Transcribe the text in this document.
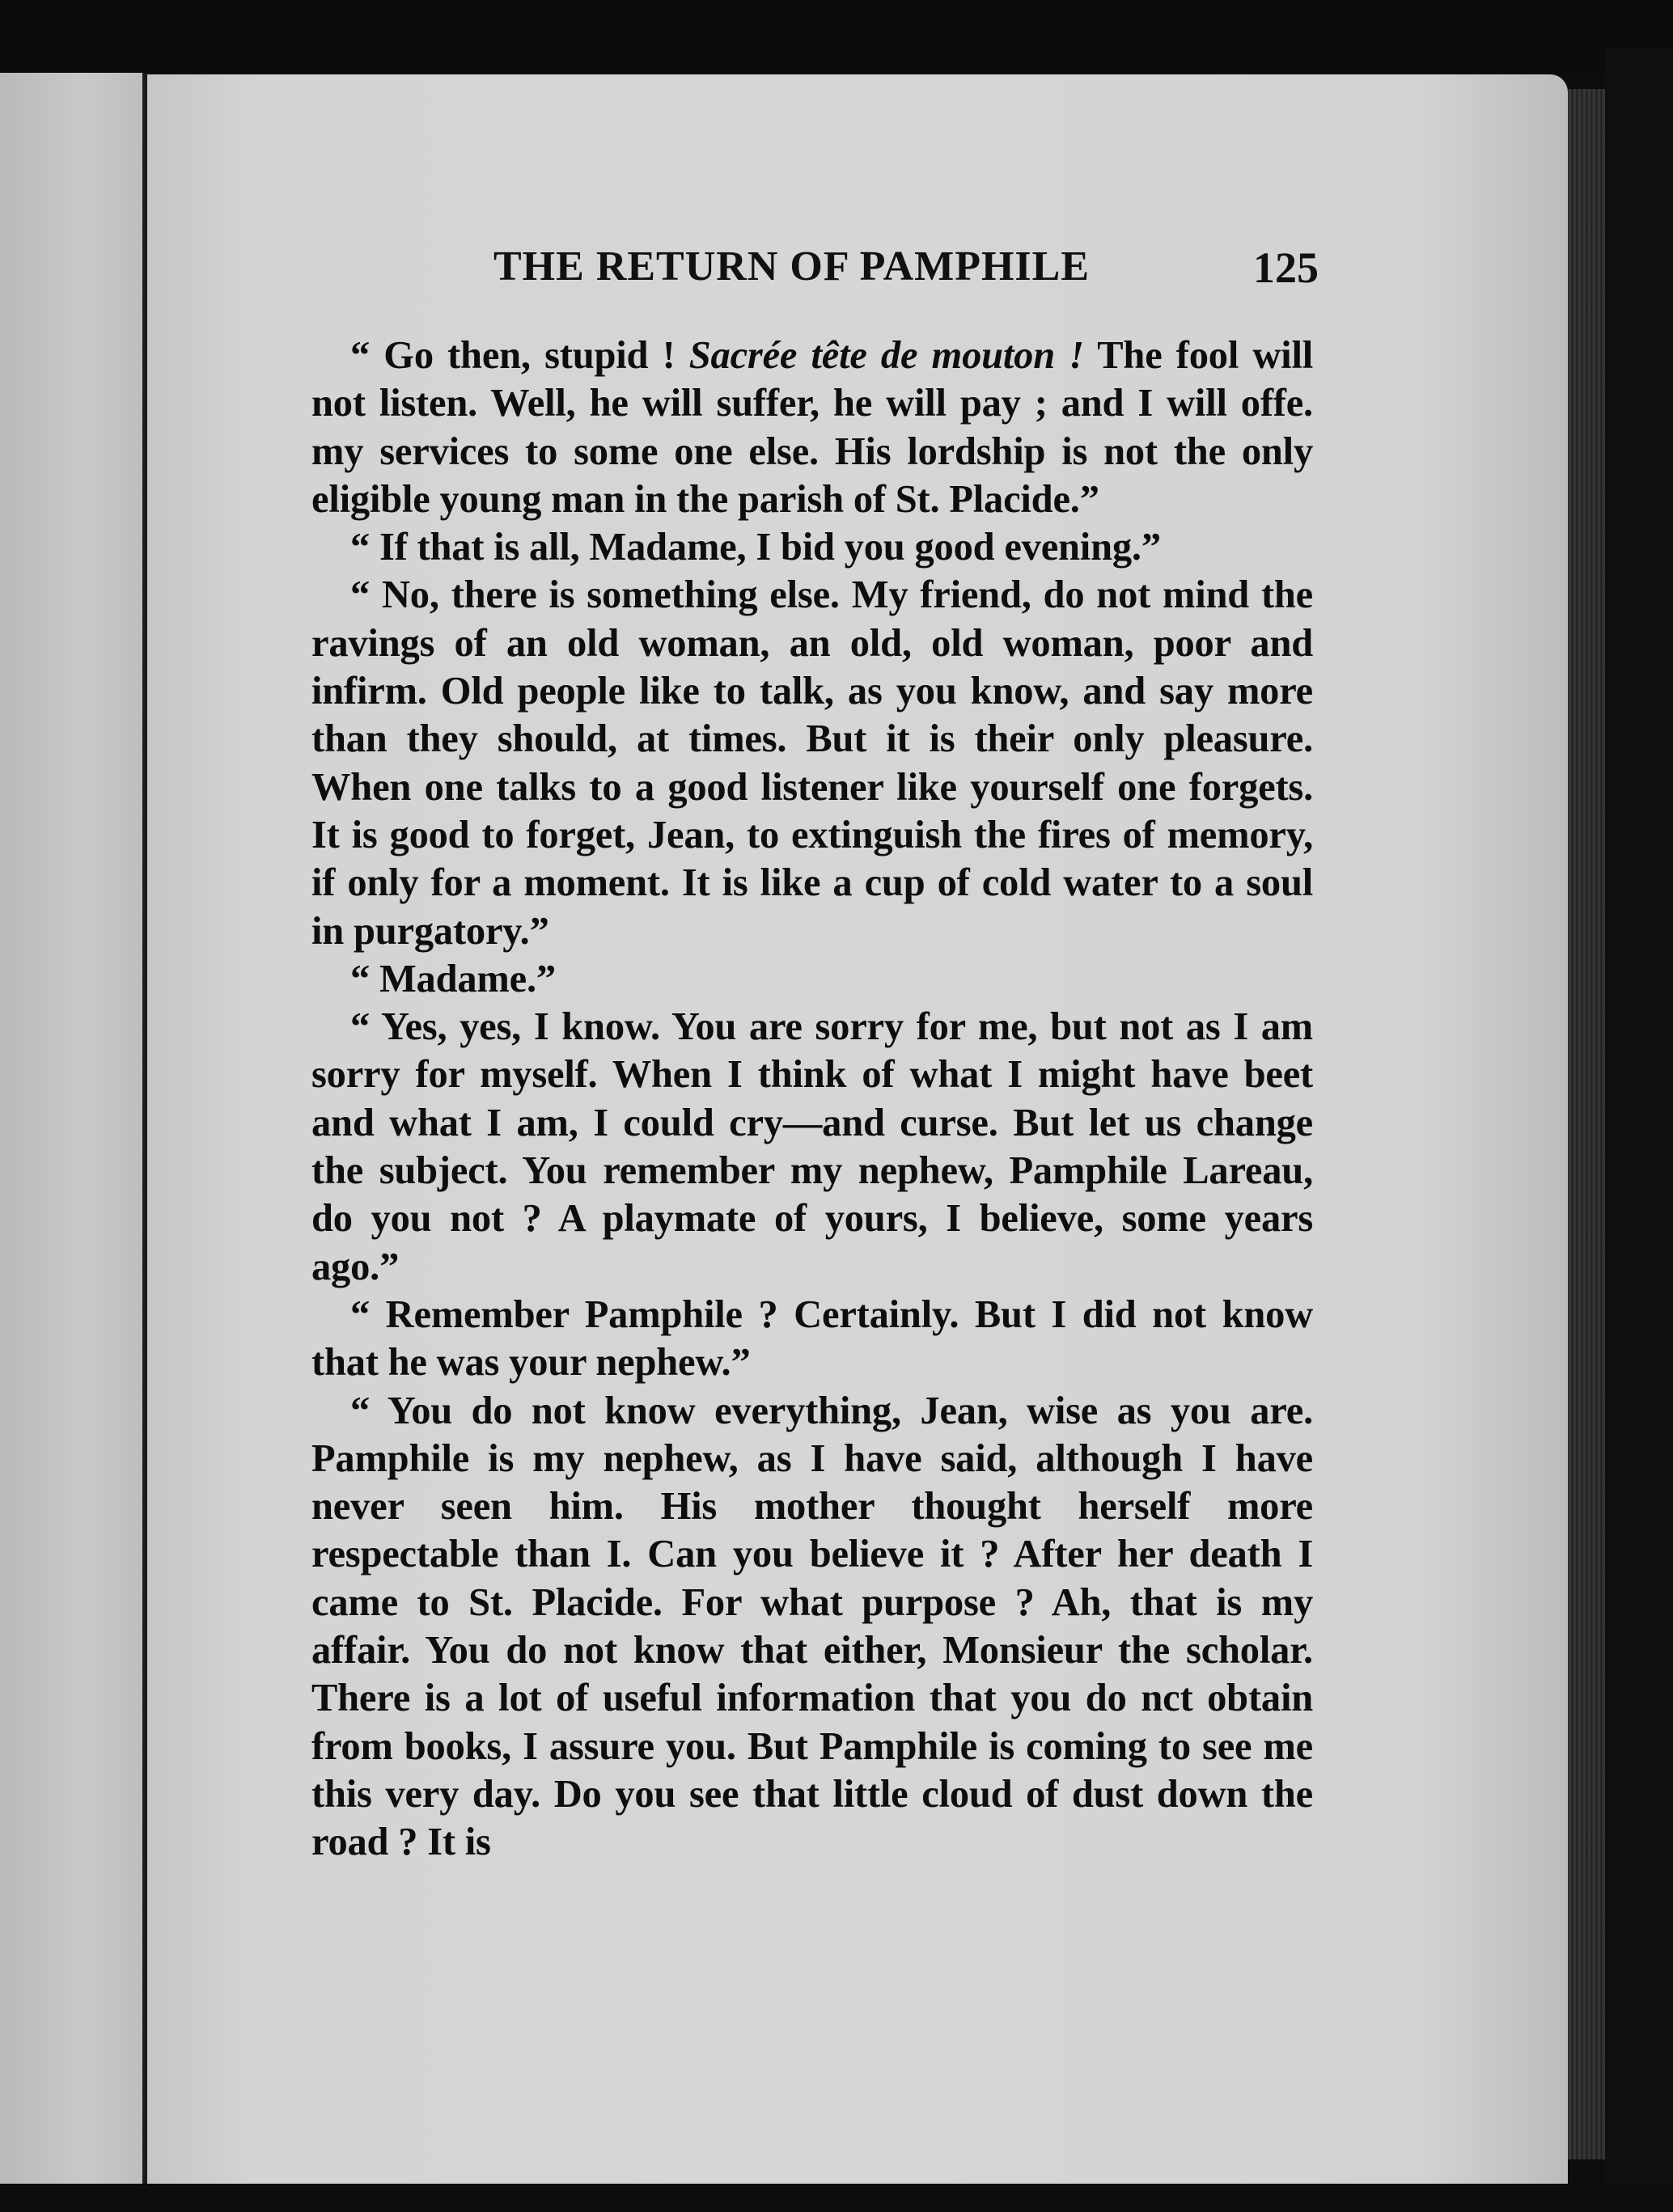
THE RETURN OF PAMPHILE	125

“ Go then, stupid ! Sacrée tête de mouton ! The fool will not listen. Well, he will suffer, he will pay ; and I will offe. my services to some one else. His lordship is not the only eligible young man in the parish of St. Placide.”

“ If that is all, Madame, I bid you good evening.”

“ No, there is something else. My friend, do not mind the ravings of an old woman, an old, old woman, poor and infirm. Old people like to talk, as you know, and say more than they should, at times. But it is their only pleasure. When one talks to a good listener like yourself one forgets. It is good to forget, Jean, to extinguish the fires of memory, if only for a moment. It is like a cup of cold water to a soul in purgatory.”

“ Madame.”

“ Yes, yes, I know. You are sorry for me, but not as I am sorry for myself. When I think of what I might have beet and what I am, I could cry—and curse. But let us change the subject. You remember my nephew, Pamphile Lareau, do you not ? A playmate of yours, I believe, some years ago.”

“ Remember Pamphile ? Certainly. But I did not know that he was your nephew.”

“ You do not know everything, Jean, wise as you are. Pamphile is my nephew, as I have said, although I have never seen him. His mother thought herself more respectable than I. Can you believe it ? After her death I came to St. Placide. For what purpose ? Ah, that is my affair. You do not know that either, Monsieur the scholar. There is a lot of useful information that you do nct obtain from books, I assure you. But Pamphile is coming to see me this very day. Do you see that little cloud of dust down the road ? It is
